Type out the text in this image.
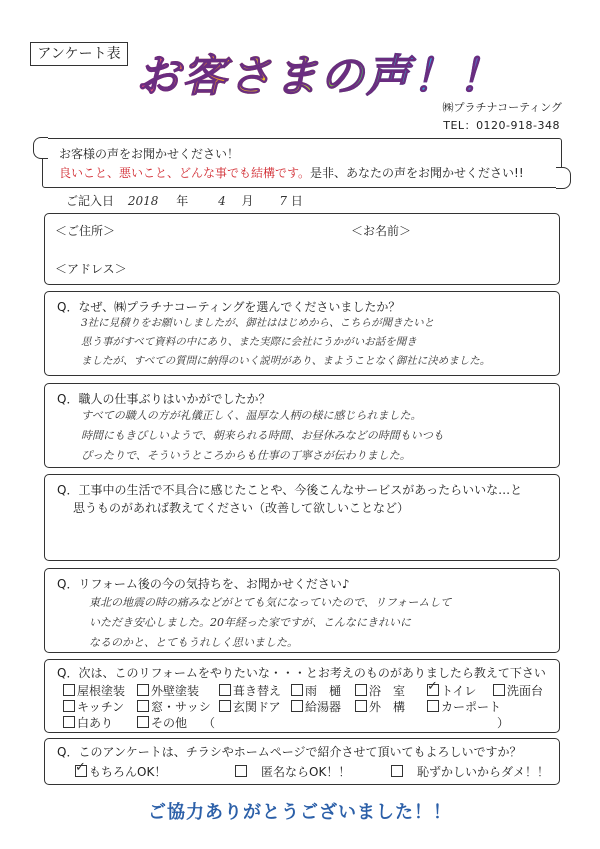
アンケート表 お客さまの声！！
㈱プラチナコーティング
TEL：0120-918-348
お客様の声をお聞かせください！
良いこと、悪いこと、どんな事でも結構です。是非、あなたの声をお聞かせください!!
ご記入日 2018 年 4 月 7 日
＜ご住所＞	＜お名前＞
＜アドレス＞
Q．なぜ、㈱プラチナコーティングを選んでくださいましたか？
3社に見積りをお願いしましたが、御社ははじめから、こちらが聞きたいと
思う事がすべて資料の中にあり、また実際に会社にうかがいお話を聞き
ましたが、すべての質問に納得のいく説明があり、まようことなく御社に決めました。
Q．職人の仕事ぶりはいかがでしたか？
すべての職人の方が礼儀正しく、温厚な人柄の様に感じられました。
時間にもきびしいようで、朝来られる時間、お昼休みなどの時間もいつも
ぴったりで、そういうところからも仕事の丁寧さが伝わりました。
Q．工事中の生活で不具合に感じたことや、今後こんなサービスがあったらいいな…と
思うものがあれば教えてください（改善して欲しいことなど）
Q．リフォーム後の今の気持ちを、お聞かせください♪
東北の地震の時の痛みなどがとても気になっていたので、リフォームして
いただき安心しました。20年経った家ですが、こんなにきれいに
なるのかと、とてもうれしく思いました。
Q．次は、このリフォームをやりたいな・・・とお考えのものがありましたら教えて下さい
屋根塗装	外壁塗装	葺き替え	雨　樋	浴　室 ✓ トイレ	洗面台
キッチン	窓・サッシ	玄関ドア	給湯器	外　構	カーポート
白あり	その他 （	）
Q．このアンケートは、チラシやホームページで紹介させて頂いてもよろしいですか？
✓ もちろんOK！
　	匿名ならOK！！
　	恥ずかしいからダメ！！
ご協力ありがとうございました！！
